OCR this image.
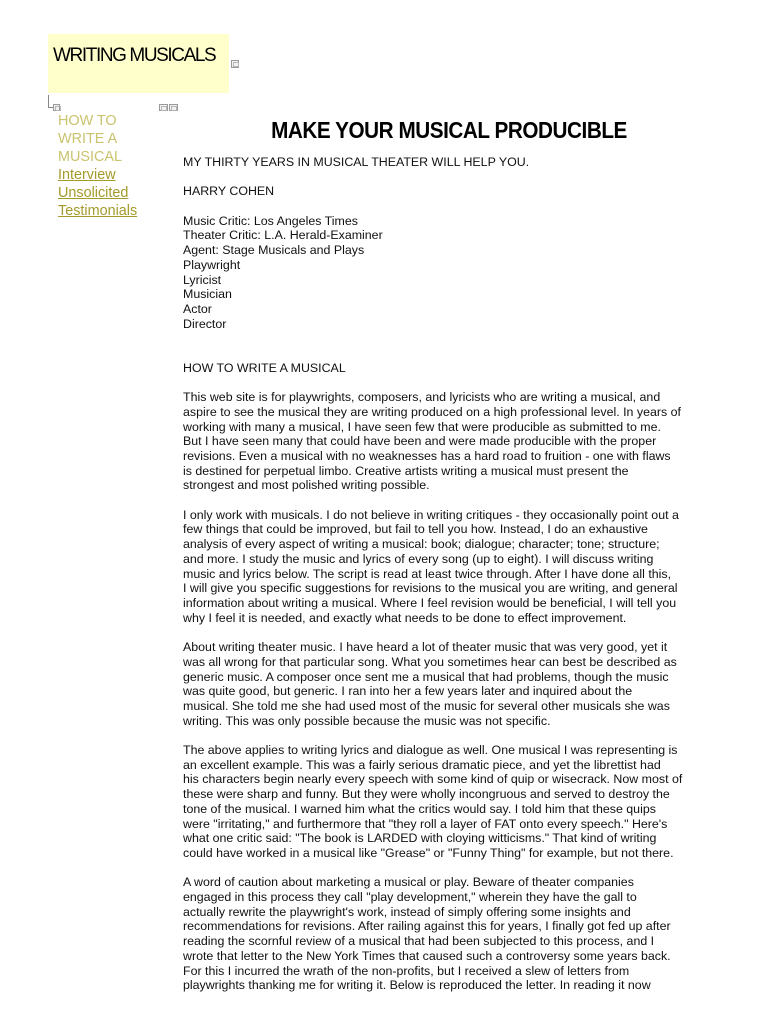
WRITING MUSICALS
HOW TO
WRITE A
MUSICAL
Interview
Unsolicited
Testimonials
MAKE YOUR MUSICAL PRODUCIBLE

MY THIRTY YEARS IN MUSICAL THEATER WILL HELP YOU.

HARRY COHEN

Music Critic: Los Angeles Times
Theater Critic: L.A. Herald-Examiner
Agent: Stage Musicals and Plays
Playwright
Lyricist
Musician
Actor
Director

HOW TO WRITE A MUSICAL

This web site is for playwrights, composers, and lyricists who are writing a musical, and
aspire to see the musical they are writing produced on a high professional level. In years of
working with many a musical, I have seen few that were producible as submitted to me.
But I have seen many that could have been and were made producible with the proper
revisions. Even a musical with no weaknesses has a hard road to fruition - one with flaws
is destined for perpetual limbo. Creative artists writing a musical must present the
strongest and most polished writing possible.

I only work with musicals. I do not believe in writing critiques - they occasionally point out a
few things that could be improved, but fail to tell you how. Instead, I do an exhaustive
analysis of every aspect of writing a musical: book; dialogue; character; tone; structure;
and more. I study the music and lyrics of every song (up to eight). I will discuss writing
music and lyrics below. The script is read at least twice through. After I have done all this,
I will give you specific suggestions for revisions to the musical you are writing, and general
information about writing a musical. Where I feel revision would be beneficial, I will tell you
why I feel it is needed, and exactly what needs to be done to effect improvement.

About writing theater music. I have heard a lot of theater music that was very good, yet it
was all wrong for that particular song. What you sometimes hear can best be described as
generic music. A composer once sent me a musical that had problems, though the music
was quite good, but generic. I ran into her a few years later and inquired about the
musical. She told me she had used most of the music for several other musicals she was
writing. This was only possible because the music was not specific.

The above applies to writing lyrics and dialogue as well. One musical I was representing is
an excellent example. This was a fairly serious dramatic piece, and yet the librettist had
his characters begin nearly every speech with some kind of quip or wisecrack. Now most of
these were sharp and funny. But they were wholly incongruous and served to destroy the
tone of the musical. I warned him what the critics would say. I told him that these quips
were "irritating," and furthermore that "they roll a layer of FAT onto every speech." Here's
what one critic said: "The book is LARDED with cloying witticisms." That kind of writing
could have worked in a musical like "Grease" or "Funny Thing" for example, but not there.

A word of caution about marketing a musical or play. Beware of theater companies
engaged in this process they call "play development," wherein they have the gall to
actually rewrite the playwright's work, instead of simply offering some insights and
recommendations for revisions. After railing against this for years, I finally got fed up after
reading the scornful review of a musical that had been subjected to this process, and I
wrote that letter to the New York Times that caused such a controversy some years back.
For this I incurred the wrath of the non-profits, but I received a slew of letters from
playwrights thanking me for writing it. Below is reproduced the letter. In reading it now
